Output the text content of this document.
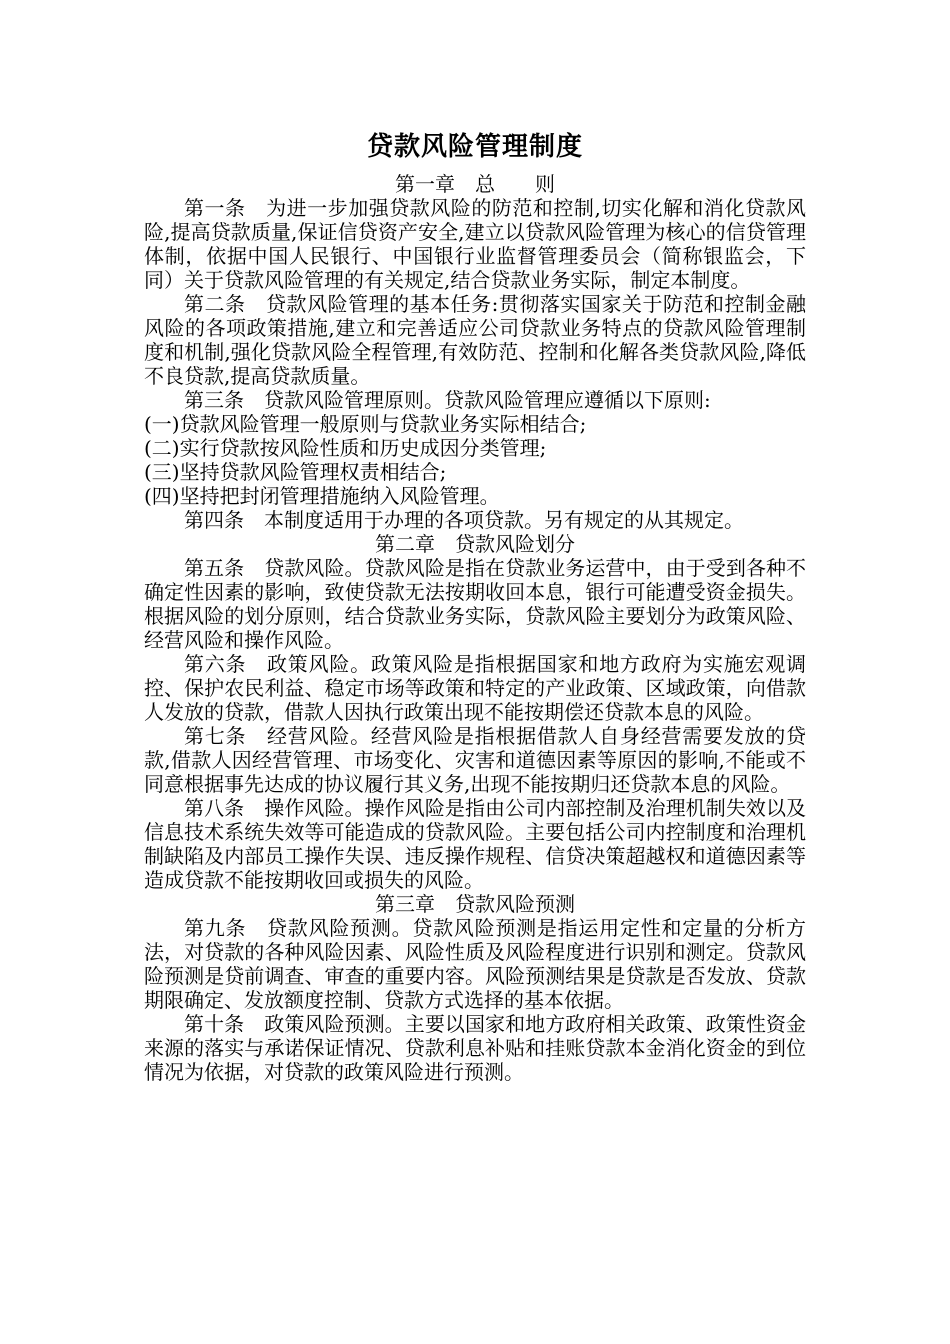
贷款风险管理制度

第一章　总　　则

第一条　 为进一步加强贷款风险的防范和控制,切实化解和消化贷款风险,提高贷款质量,保证信贷资产安全,建立以贷款风险管理为核心的信贷管理体制，依据中国人民银行、中国银行业监督管理委员会（简称银监会，下同）关于贷款风险管理的有关规定,结合贷款业务实际，制定本制度。

第二条　 贷款风险管理的基本任务:贯彻落实国家关于防范和控制金融风险的各项政策措施,建立和完善适应公司贷款业务特点的贷款风险管理制度和机制,强化贷款风险全程管理,有效防范、控制和化解各类贷款风险,降低不良贷款,提高贷款质量。

第三条　 贷款风险管理原则。贷款风险管理应遵循以下原则:

(一)贷款风险管理一般原则与贷款业务实际相结合;

(二)实行贷款按风险性质和历史成因分类管理;

(三)坚持贷款风险管理权责相结合;

(四)坚持把封闭管理措施纳入风险管理。

第四条　 本制度适用于办理的各项贷款。另有规定的从其规定。

第二章　贷款风险划分

第五条　 贷款风险。贷款风险是指在贷款业务运营中，由于受到各种不确定性因素的影响，致使贷款无法按期收回本息，银行可能遭受资金损失。根据风险的划分原则，结合贷款业务实际，贷款风险主要划分为政策风险、经营风险和操作风险。

第六条　 政策风险。政策风险是指根据国家和地方政府为实施宏观调控、保护农民利益、稳定市场等政策和特定的产业政策、区域政策，向借款人发放的贷款，借款人因执行政策出现不能按期偿还贷款本息的风险。

第七条　 经营风险。经营风险是指根据借款人自身经营需要发放的贷款,借款人因经营管理、市场变化、灾害和道德因素等原因的影响,不能或不同意根据事先达成的协议履行其义务,出现不能按期归还贷款本息的风险。

第八条　 操作风险。操作风险是指由公司内部控制及治理机制失效以及信息技术系统失效等可能造成的贷款风险。主要包括公司内控制度和治理机制缺陷及内部员工操作失误、违反操作规程、信贷决策超越权和道德因素等造成贷款不能按期收回或损失的风险。

第三章　贷款风险预测

第九条　 贷款风险预测。贷款风险预测是指运用定性和定量的分析方法，对贷款的各种风险因素、风险性质及风险程度进行识别和测定。贷款风险预测是贷前调查、审查的重要内容。风险预测结果是贷款是否发放、贷款期限确定、发放额度控制、贷款方式选择的基本依据。

第十条　 政策风险预测。主要以国家和地方政府相关政策、政策性资金来源的落实与承诺保证情况、贷款利息补贴和挂账贷款本金消化资金的到位情况为依据，对贷款的政策风险进行预测。
